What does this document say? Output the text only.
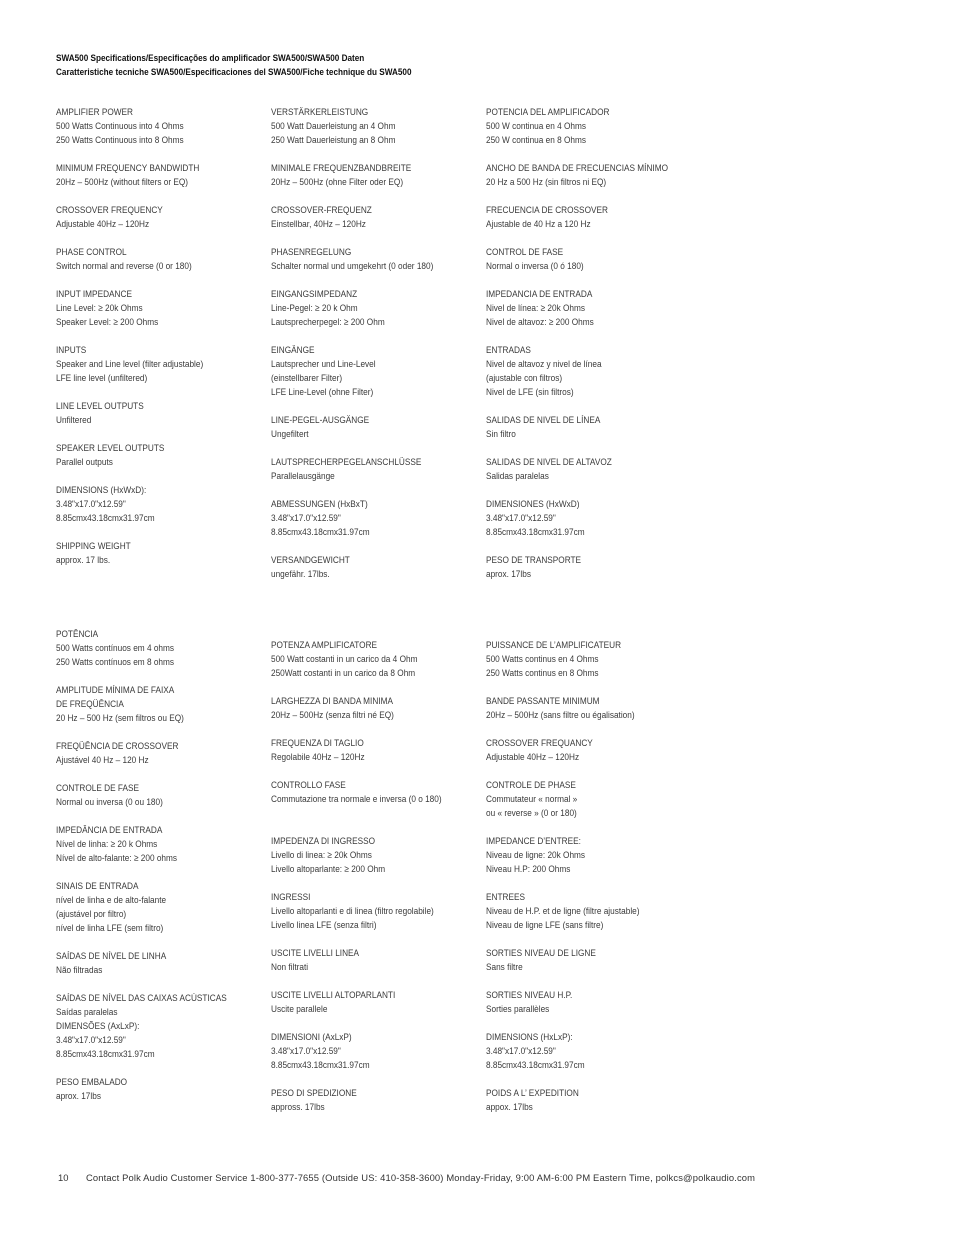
SWA500 Specifications/Especificações do amplificador SWA500/SWA500 Daten
Caratteristiche tecniche SWA500/Especificaciones del SWA500/Fiche technique du SWA500
AMPLIFIER POWER
500 Watts Continuous into 4 Ohms
250 Watts Continuous into 8 Ohms
MINIMUM FREQUENCY BANDWIDTH
20Hz – 500Hz (without filters or EQ)
CROSSOVER FREQUENCY
Adjustable 40Hz – 120Hz
PHASE CONTROL
Switch normal and reverse (0 or 180)
INPUT IMPEDANCE
Line Level: ≥ 20k Ohms
Speaker Level: ≥ 200 Ohms
INPUTS
Speaker and Line level (filter adjustable)
LFE line level (unfiltered)
LINE LEVEL OUTPUTS
Unfiltered
SPEAKER LEVEL OUTPUTS
Parallel outputs
DIMENSIONS (HxWxD):
3.48"x17.0"x12.59"
8.85cmx43.18cmx31.97cm
SHIPPING WEIGHT
approx. 17 lbs.
VERSTÄRKERLEISTUNG
500 Watt Dauerleistung an 4 Ohm
250 Watt Dauerleistung an 8 Ohm
MINIMALE FREQUENZBANDBREITE
20Hz – 500Hz (ohne Filter oder EQ)
CROSSOVER-FREQUENZ
Einstellbar, 40Hz – 120Hz
PHASENREGELUNG
Schalter normal und umgekehrt (0 oder 180)
EINGANGSIMPEDANZ
Line-Pegel: ≥ 20 k Ohm
Lautsprecherpegel: ≥ 200 Ohm
EINGÄNGE
Lautsprecher und Line-Level
(einstellbarer Filter)
LFE Line-Level (ohne Filter)
LINE-PEGEL-AUSGÄNGE
Ungefiltert
LAUTSPRECHERPEGELANSCHLÜSSE
Parallelausgänge
ABMESSUNGEN (HxBxT)
3.48"x17.0"x12.59"
8.85cmx43.18cmx31.97cm
VERSANDGEWICHT
ungefähr. 17lbs.
POTENCIA DEL AMPLIFICADOR
500 W continua en 4 Ohms
250 W continua en 8 Ohms
ANCHO DE BANDA DE FRECUENCIAS MÍNIMO
20 Hz a 500 Hz (sin filtros ni EQ)
FRECUENCIA DE CROSSOVER
Ajustable de 40 Hz a 120 Hz
CONTROL DE FASE
Normal o inversa (0 ó 180)
IMPEDANCIA DE ENTRADA
Nivel de línea: ≥ 20k Ohms
Nivel de altavoz: ≥ 200 Ohms
ENTRADAS
Nivel de altavoz y nivel de línea
(ajustable con filtros)
Nivel de LFE (sin filtros)
SALIDAS DE NIVEL DE LÍNEA
Sin filtro
SALIDAS DE NIVEL DE ALTAVOZ
Salidas paralelas
DIMENSIONES (HxWxD)
3.48"x17.0"x12.59"
8.85cmx43.18cmx31.97cm
PESO DE TRANSPORTE
aprox. 17lbs
POTÊNCIA
500 Watts contínuos em 4 ohms
250 Watts contínuos em 8 ohms
AMPLITUDE MÍNIMA DE FAIXA
DE FREQÜÊNCIA
20 Hz – 500 Hz (sem filtros ou EQ)
FREQÜÊNCIA DE CROSSOVER
Ajustável 40 Hz – 120 Hz
CONTROLE DE FASE
Normal ou inversa (0 ou 180)
IMPEDÂNCIA DE ENTRADA
Nível de linha: ≥ 20 k Ohms
Nível de alto-falante: ≥ 200 ohms
SINAIS DE ENTRADA
nível de linha e de alto-falante
(ajustável por filtro)
nível de linha LFE (sem filtro)
SAÍDAS DE NÍVEL DE LINHA
Não filtradas
SAÍDAS DE NÍVEL DAS CAIXAS ACÚSTICAS
Saídas paralelas
DIMENSÕES (AxLxP):
3.48"x17.0"x12.59"
8.85cmx43.18cmx31.97cm
PESO EMBALADO
aprox. 17lbs
POTENZA AMPLIFICATORE
500 Watt costanti in un carico da 4 Ohm
250Watt costanti in un carico da 8 Ohm
LARGHEZZA DI BANDA MINIMA
20Hz – 500Hz (senza filtri né EQ)
FREQUENZA DI TAGLIO
Regolabile 40Hz – 120Hz
CONTROLLO FASE
Commutazione tra normale e inversa (0 o 180)

IMPEDENZA DI INGRESSO
Livello di linea: ≥ 20k Ohms
Livello altoparlante: ≥ 200 Ohm
INGRESSI
Livello altoparlanti e di linea (filtro regolabile)
Livello linea LFE (senza filtri)
USCITE LIVELLI LINEA
Non filtrati
USCITE LIVELLI ALTOPARLANTI
Uscite parallele
DIMENSIONI (AxLxP)
3.48"x17.0"x12.59"
8.85cmx43.18cmx31.97cm
PESO DI SPEDIZIONE
appross. 17lbs
PUISSANCE DE L’AMPLIFICATEUR
500 Watts continus en 4 Ohms
250 Watts continus en 8 Ohms
BANDE PASSANTE MINIMUM
20Hz – 500Hz (sans filtre ou égalisation)
CROSSOVER FREQUANCY
Adjustable 40Hz – 120Hz
CONTROLE DE PHASE
Commutateur « normal »
ou « reverse » (0 or 180)
IMPEDANCE D’ENTREE:
Niveau de ligne: 20k Ohms
Niveau H.P: 200 Ohms
ENTREES
Niveau de H.P. et de ligne (filtre ajustable)
Niveau de ligne LFE (sans filtre)
SORTIES NIVEAU DE LIGNE
Sans filtre
SORTIES NIVEAU H.P.
Sorties parallèles
DIMENSIONS (HxLxP):
3.48"x17.0"x12.59"
8.85cmx43.18cmx31.97cm
POIDS A L’ EXPEDITION
appox. 17lbs
10 Contact Polk Audio Customer Service 1-800-377-7655 (Outside US: 410-358-3600) Monday-Friday, 9:00 AM-6:00 PM Eastern Time, polkcs@polkaudio.com
